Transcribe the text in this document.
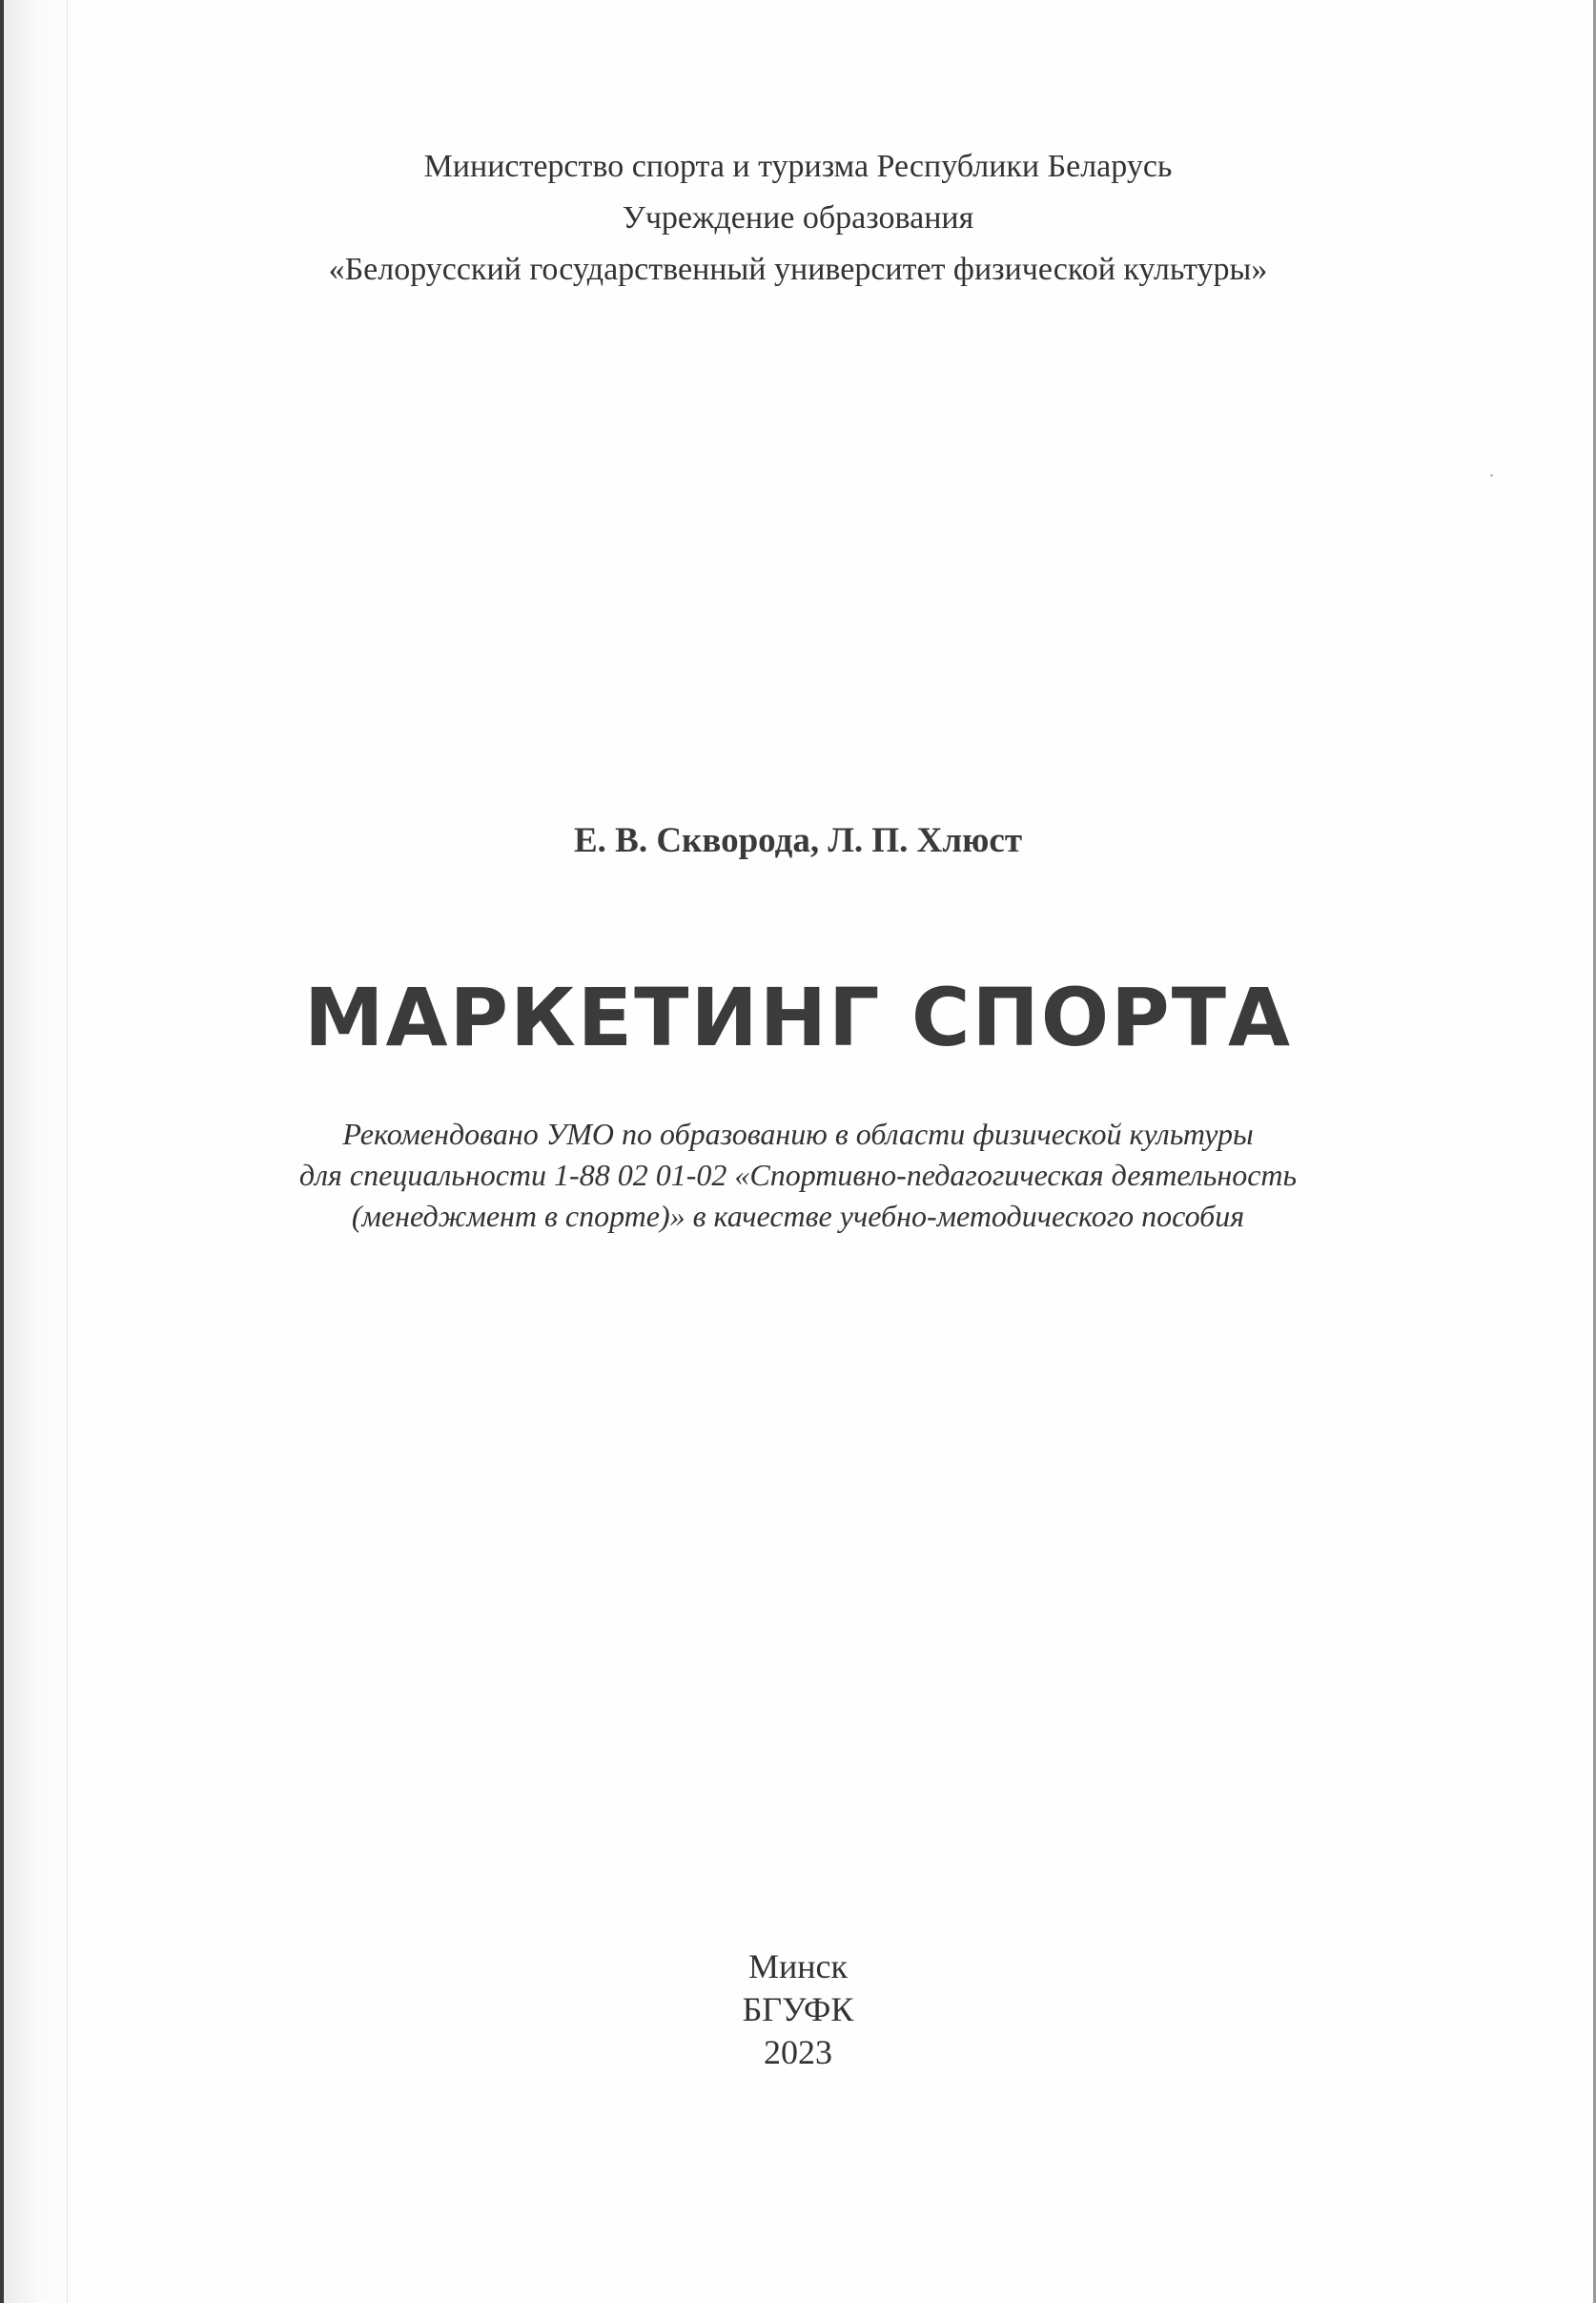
Министерство спорта и туризма Республики Беларусь
Учреждение образования
«Белорусский государственный университет физической культуры»
Е. В. Скворода, Л. П. Хлюст
МАРКЕТИНГ СПОРТА
Рекомендовано УМО по образованию в области физической культуры
для специальности 1-88 02 01-02 «Спортивно-педагогическая деятельность
(менеджмент в спорте)» в качестве учебно-методического пособия
Минск
БГУФК
2023
